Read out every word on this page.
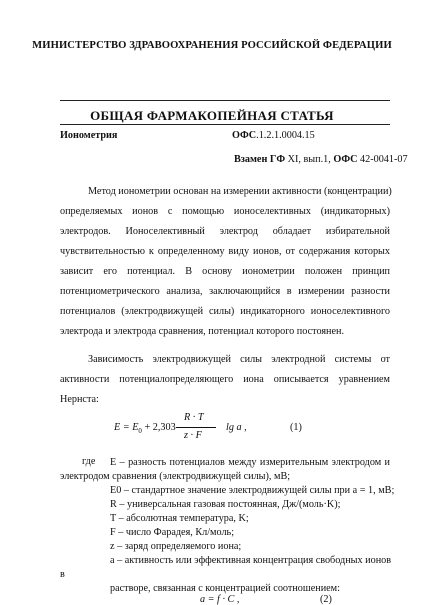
МИНИСТЕРСТВО ЗДРАВООХРАНЕНИЯ РОССИЙСКОЙ ФЕДЕРАЦИИ
ОБЩАЯ ФАРМАКОПЕЙНАЯ СТАТЬЯ
Ионометрия	ОФС.1.2.1.0004.15
Взамен ГФ XI, вып.1, ОФС 42-0041-07
Метод ионометрии основан на измерении активности (концентрации)
определяемых ионов с помощью ионоселективных (индикаторных)
электродов. Ионоселективный электрод обладает избирательной
чувствительностью к определенному виду ионов, от содержания которых
зависит его потенциал. В основу ионометрии положен принцип
потенциометрического анализа, заключающийся в измерении разности
потенциалов (электродвижущей силы) индикаторного ионоселективного
электрода и электрода сравнения, потенциал которого постоянен.
Зависимость электродвижущей силы электродной системы от
активности потенциалопределяющего иона описывается уравнением
Нернста:
$E = E_0 + 2,303$
R · T
z · F
lg a ,	(1)
где E – разность потенциалов между измерительным электродом и
электродом сравнения (электродвижущей силы), мВ;
E0 – стандартное значение электродвижущей силы при a = 1, мВ;
R – универсальная газовая постоянная, Дж/(моль·K);
T – абсолютная температура, K;
F – число Фарадея, Кл/моль;
z – заряд определяемого иона;
a – активность или эффективная концентрация свободных ионов
в
растворе, связанная с концентрацией соотношением:
a = f · C ,	(2)
